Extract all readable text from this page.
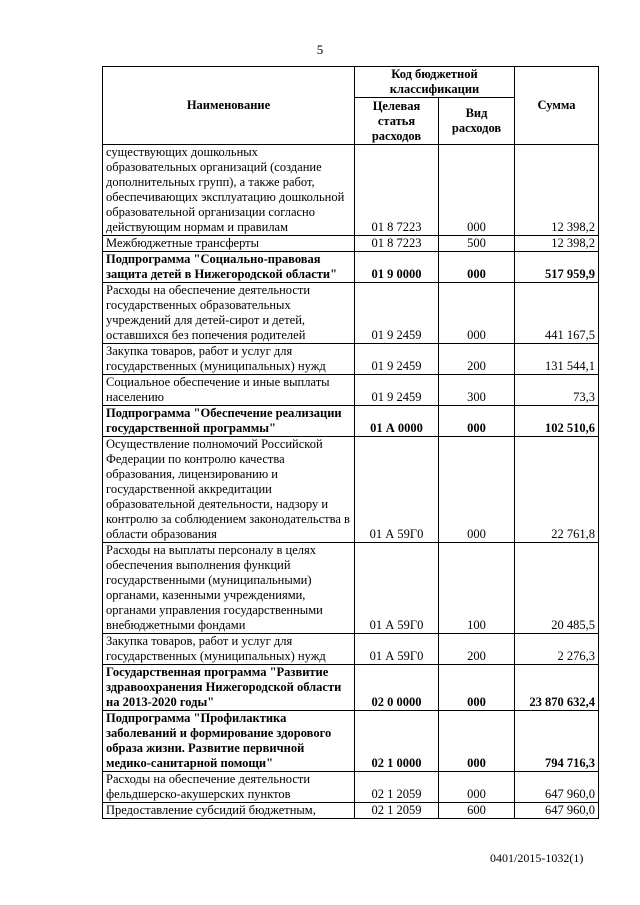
5
Наименование	Код бюджетной классификации		Сумма
	Целевая статья расходов	Вид расходов	
существующих дошкольных образовательных организаций (создание дополнительных групп), а также работ, обеспечивающих эксплуатацию дошкольной образовательной организации согласно действующим нормам и правилам	01 8 7223	000	12 398,2
Межбюджетные трансферты	01 8 7223	500	12 398,2
Подпрограмма "Социально-правовая защита детей в Нижегородской области"	01 9 0000	000	517 959,9
Расходы на обеспечение деятельности государственных образовательных учреждений для детей-сирот и детей, оставшихся без попечения родителей	01 9 2459	000	441 167,5
Закупка товаров, работ и услуг для государственных (муниципальных) нужд	01 9 2459	200	131 544,1
Социальное обеспечение и иные выплаты населению	01 9 2459	300	73,3
Подпрограмма "Обеспечение реализации государственной программы"	01 А 0000	000	102 510,6
Осуществление полномочий Российской Федерации по контролю качества образования, лицензированию и государственной аккредитации образовательной деятельности, надзору и контролю за соблюдением законодательства в области образования	01 А 59Г0	000	22 761,8
Расходы на выплаты персоналу в целях обеспечения выполнения функций государственными (муниципальными) органами, казенными учреждениями, органами управления государственными внебюджетными фондами	01 А 59Г0	100	20 485,5
Закупка товаров, работ и услуг для государственных (муниципальных) нужд	01 А 59Г0	200	2 276,3
Государственная программа "Развитие здравоохранения Нижегородской области на 2013-2020 годы"	02 0 0000	000	23 870 632,4
Подпрограмма "Профилактика заболеваний и формирование здорового образа жизни. Развитие первичной медико-санитарной помощи"	02 1 0000	000	794 716,3
Расходы на обеспечение деятельности фельдшерско-акушерских пунктов	02 1 2059	000	647 960,0
Предоставление субсидий бюджетным,	02 1 2059	600	647 960,0
0401/2015-1032(1)
